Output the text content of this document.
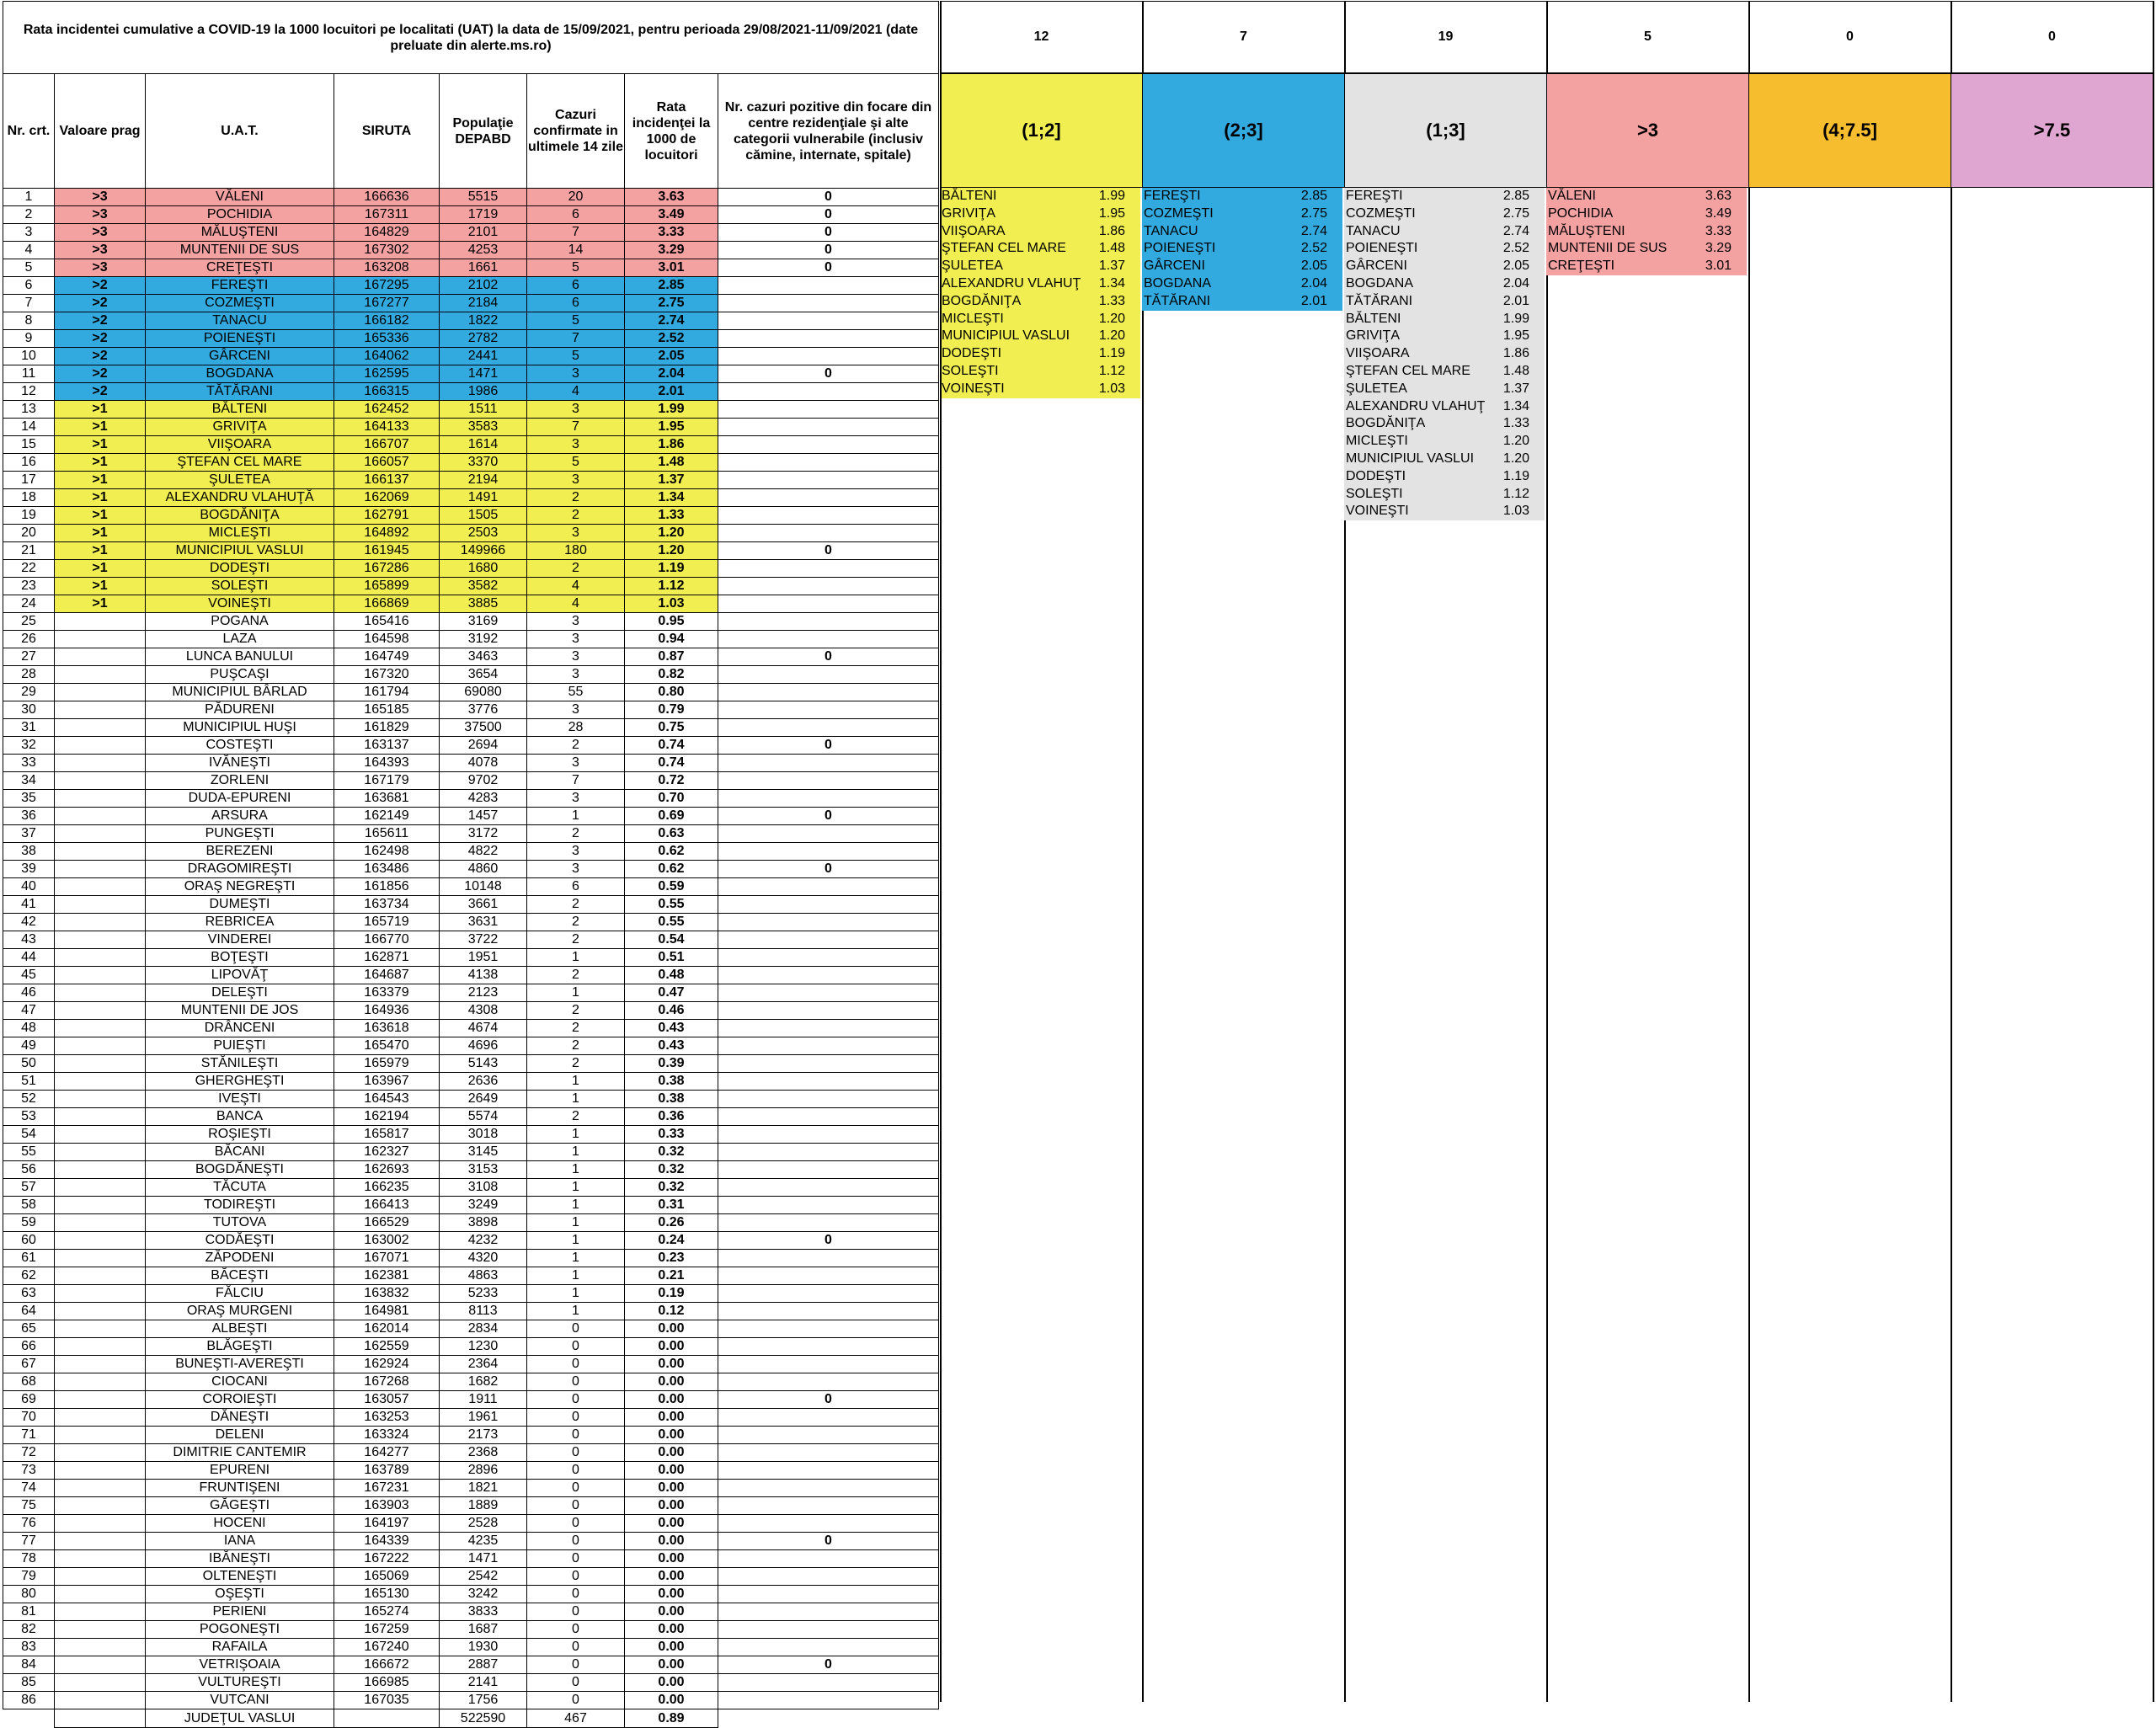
Rata incidentei cumulative a COVID-19 la 1000 locuitori pe localitati (UAT) la data de 15/09/2021, pentru perioada 29/08/2021-11/09/2021 (date preluate din alerte.ms.ro)							
Nr. crt.	Valoare prag	U.A.T.	SIRUTA	Populaţie DEPABD	Cazuri confirmate in ultimele 14 zile	Rata incidenţei la 1000 de locuitori	Nr. cazuri pozitive din focare din centre rezidenţiale şi alte categorii vulnerabile (inclusiv cămine, internate, spitale)
1	>3	VĂLENI	166636	5515	20	3.63	0
2	>3	POCHIDIA	167311	1719	6	3.49	0
3	>3	MĂLUŞTENI	164829	2101	7	3.33	0
4	>3	MUNTENII DE SUS	167302	4253	14	3.29	0
5	>3	CREŢEŞTI	163208	1661	5	3.01	0
6	>2	FEREŞTI	167295	2102	6	2.85	
7	>2	COZMEŞTI	167277	2184	6	2.75	
8	>2	TANACU	166182	1822	5	2.74	
9	>2	POIENEŞTI	165336	2782	7	2.52	
10	>2	GÂRCENI	164062	2441	5	2.05	
11	>2	BOGDANA	162595	1471	3	2.04	0
12	>2	TĂTĂRANI	166315	1986	4	2.01	
13	>1	BĂLTENI	162452	1511	3	1.99	
14	>1	GRIVIŢA	164133	3583	7	1.95	
15	>1	VIIŞOARA	166707	1614	3	1.86	
16	>1	ŞTEFAN CEL MARE	166057	3370	5	1.48	
17	>1	ŞULETEA	166137	2194	3	1.37	
18	>1	ALEXANDRU VLAHUŢĂ	162069	1491	2	1.34	
19	>1	BOGDĂNIŢA	162791	1505	2	1.33	
20	>1	MICLEŞTI	164892	2503	3	1.20	
21	>1	MUNICIPIUL VASLUI	161945	149966	180	1.20	0
22	>1	DODEŞTI	167286	1680	2	1.19	
23	>1	SOLEŞTI	165899	3582	4	1.12	
24	>1	VOINEŞTI	166869	3885	4	1.03	
25		POGANA	165416	3169	3	0.95	
26		LAZA	164598	3192	3	0.94	
27		LUNCA BANULUI	164749	3463	3	0.87	0
28		PUŞCAŞI	167320	3654	3	0.82	
29		MUNICIPIUL BÂRLAD	161794	69080	55	0.80	
30		PĂDURENI	165185	3776	3	0.79	
31		MUNICIPIUL HUŞI	161829	37500	28	0.75	
32		COSTEŞTI	163137	2694	2	0.74	0
33		IVĂNEŞTI	164393	4078	3	0.74	
34		ZORLENI	167179	9702	7	0.72	
35		DUDA-EPURENI	163681	4283	3	0.70	
36		ARSURA	162149	1457	1	0.69	0
37		PUNGEŞTI	165611	3172	2	0.63	
38		BEREZENI	162498	4822	3	0.62	
39		DRAGOMIREŞTI	163486	4860	3	0.62	0
40		ORAŞ NEGREŞTI	161856	10148	6	0.59	
41		DUMEŞTI	163734	3661	2	0.55	
42		REBRICEA	165719	3631	2	0.55	
43		VINDEREI	166770	3722	2	0.54	
44		BOŢEŞTI	162871	1951	1	0.51	
45		LIPOVĂŢ	164687	4138	2	0.48	
46		DELEŞTI	163379	2123	1	0.47	
47		MUNTENII DE JOS	164936	4308	2	0.46	
48		DRÂNCENI	163618	4674	2	0.43	
49		PUIEŞTI	165470	4696	2	0.43	
50		STĂNILEŞTI	165979	5143	2	0.39	
51		GHERGHEŞTI	163967	2636	1	0.38	
52		IVEŞTI	164543	2649	1	0.38	
53		BANCA	162194	5574	2	0.36	
54		ROŞIEŞTI	165817	3018	1	0.33	
55		BĂCANI	162327	3145	1	0.32	
56		BOGDĂNEŞTI	162693	3153	1	0.32	
57		TĂCUTA	166235	3108	1	0.32	
58		TODIREŞTI	166413	3249	1	0.31	
59		TUTOVA	166529	3898	1	0.26	
60		CODĂEŞTI	163002	4232	1	0.24	0
61		ZĂPODENI	167071	4320	1	0.23	
62		BĂCEŞTI	162381	4863	1	0.21	
63		FĂLCIU	163832	5233	1	0.19	
64		ORAŞ MURGENI	164981	8113	1	0.12	
65		ALBEŞTI	162014	2834	0	0.00	
66		BLĂGEŞTI	162559	1230	0	0.00	
67		BUNEŞTI-AVEREŞTI	162924	2364	0	0.00	
68		CIOCANI	167268	1682	0	0.00	
69		COROIEŞTI	163057	1911	0	0.00	0
70		DĂNEŞTI	163253	1961	0	0.00	
71		DELENI	163324	2173	0	0.00	
72		DIMITRIE CANTEMIR	164277	2368	0	0.00	
73		EPURENI	163789	2896	0	0.00	
74		FRUNTIŞENI	167231	1821	0	0.00	
75		GĂGEŞTI	163903	1889	0	0.00	
76		HOCENI	164197	2528	0	0.00	
77		IANA	164339	4235	0	0.00	0
78		IBĂNEŞTI	167222	1471	0	0.00	
79		OLTENEŞTI	165069	2542	0	0.00	
80		OŞEŞTI	165130	3242	0	0.00	
81		PERIENI	165274	3833	0	0.00	
82		POGONEŞTI	167259	1687	0	0.00	
83		RAFAILA	167240	1930	0	0.00	
84		VETRIŞOAIA	166672	2887	0	0.00	0
85		VULTUREŞTI	166985	2141	0	0.00	
86		VUTCANI	167035	1756	0	0.00	
		JUDEŢUL VASLUI		522590	467	0.89	
12
(1;2]
BĂLTENI	1.99
GRIVIŢA	1.95
VIIŞOARA	1.86
ŞTEFAN CEL MARE 1.48
ŞULETEA	1.37
ALEXANDRU VLAHUŢ 1.34
BOGDĂNIŢA	1.33
MICLEŞTI	1.20
MUNICIPIUL VASLUI 1.20
DODEŞTI	1.19
SOLEŞTI	1.12
VOINEŞTI	1.03
7
(2;3]
FEREŞTI	2.85
COZMEŞTI	2.75
TANACU	2.74
POIENEŞTI	2.52
GÂRCENI	2.05
BOGDANA	2.04
TĂTĂRANI	2.01
19
(1;3]
FEREŞTI	2.85
COZMEŞTI	2.75
TANACU	2.74
POIENEŞTI	2.52
GÂRCENI	2.05
BOGDANA	2.04
TĂTĂRANI	2.01
BĂLTENI	1.99
GRIVIŢA	1.95
VIIŞOARA	1.86
ŞTEFAN CEL MARE 1.48
ŞULETEA	1.37
ALEXANDRU VLAHUŢ 1.34
BOGDĂNIŢA	1.33
MICLEŞTI	1.20
MUNICIPIUL VASLUI 1.20
DODEŞTI	1.19
SOLEŞTI	1.12
VOINEŞTI	1.03
5
>3
VĂLENI	3.63
POCHIDIA	3.49
MĂLUŞTENI	3.33
MUNTENII DE SUS	3.29
CREŢEŞTI	3.01
0
(4;7.5]
0
>7.5
